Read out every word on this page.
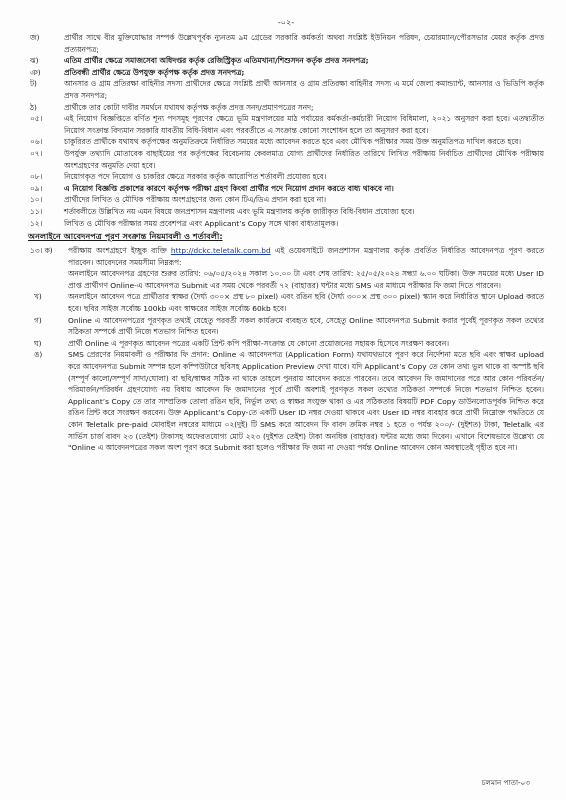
-০২-
জ)	প্রার্থীর সাথে বীর মুক্তিযোদ্ধার সম্পর্ক উল্লেখপূর্বক ন্যুনতম ৯ম গ্রেডের সরকারি কর্মকর্তা অথবা সংশ্লিষ্ট ইউনিয়ন পরিষদ, চেয়ারম্যান/পৌরসভার মেয়র কর্তৃক প্রদত্ত প্রত্যয়নপত্র;
ঝ)	এতিম প্রার্থীর ক্ষেত্রে সমাজসেবা অধিদপ্তর কর্তৃক রেজিস্ট্রিকৃত এতিমখানা/শিশুসদন কর্তৃক প্রদত্ত সনদপত্র;
ঞ)	প্রতিবন্ধী প্রার্থীর ক্ষেত্রে উপযুক্ত কর্তৃপক্ষ কর্তৃক প্রদত্ত সনদপত্র;
ট)	আনসার ও গ্রাম প্রতিরক্ষা বাহিনীর সদস্য প্রার্থীদের ক্ষেত্রে সংশ্লিষ্ট প্রার্থী আনসার ও গ্রাম প্রতিরক্ষা বাহিনীর সদস্য এ মর্মে জেলা কমান্ড্যান্ট, আনসার ও ভিডিপি কর্তৃক প্রদত্ত সনদপত্র;
ঠ)	প্রার্থীকে তার কোটা দাবীর সমর্থনে যথাযথ কর্তৃপক্ষ কর্তৃক প্রদত্ত সনদ/প্রমাণপত্রের সনদ;
০৫।	এই নিয়োগ বিজ্ঞপ্তিতে বর্ণিত শূন্য পদসমূহ পূরণের ক্ষেত্রে ভূমি মন্ত্রণালয়ের মাঠ পর্যায়ের কর্মকর্তা-কর্মচারী নিয়োগ বিধিমালা, ২০২১ অনুসরণ করা হবে। এতদ্ব্যতীত নিয়োগ সংক্রান্ত বিদ্যমান সরকারি যাবতীয় বিধি-বিধান এবং পরবর্তীতে এ সংক্রান্ত কোনো সংশোধন হলে তা অনুসরণ করা হবে।
০৬।	চাকুরিরত প্রার্থীকে যথাযথ কর্তৃপক্ষের অনুমতিক্রমে নির্ধারিত সময়ের মধ্যে আবেদন করতে হবে এবং মৌখিক পরীক্ষার সময় উক্ত অনুমতিপত্র দাখিল করতে হবে।
০৭।	উপর্যুক্ত তথ্যাদি মোতাবেক বাছাইয়ের পর কর্তৃপক্ষের বিবেচনায় কেবলমাত্র যোগ্য প্রার্থীদের নির্ধারিত তারিখে লিখিত পরীক্ষায় নির্বাচিত প্রার্থীদের মৌখিক পরীক্ষায় অংশগ্রহণের অনুমতি দেয়া হবে।
০৮।	নিয়োগকৃত পদে নিয়োগ ও চাকরির ক্ষেত্রে সরকার কর্তৃক আরোপিত শর্তাবলী প্রযোজ্য হবে।
০৯।	এ নিয়োগ বিজ্ঞপ্তি প্রকাশের কারণে কর্তৃপক্ষ পরীক্ষা গ্রহণ কিংবা প্রার্থীর পদে নিয়োগ প্রদান করতে বাধ্য থাকবে না।
১০।	প্রার্থীদের লিখিত ও মৌখিক পরীক্ষায় অংশগ্রহণের জন্য কোন টিএ/ডিএ প্রদান করা হবে না।
১১।	শর্তাবলীতে উল্লিখিত নয় এমন বিষয়ে জনপ্রশাসন মন্ত্রণালয় এবং ভূমি মন্ত্রণালয় কর্তৃক জারীকৃত বিধি-বিধান প্রযোজ্য হবে।
১২।	লিখিত ও মৌখিক পরীক্ষার সময় প্রবেশপত্র এবং Applicant’s Copy সঙ্গে থাকা বাধ্যতামূলক।
অনলাইনে আবেদনপত্র পূরণ সংক্রান্ত নিয়মাবলী ও শর্তাবলী:
১৩। ক)	পরীক্ষায় অংশগ্রহণে ইচ্ছুক ব্যক্তি http://dckc.teletalk.com.bd এই ওয়েবসাইটে জনপ্রশাসন মন্ত্রণালয় কর্তৃক প্রবর্তিত নির্ধারিত আবেদনপত্র পূরণ করতে পারবেন। আবেদনের সময়সীমা নিম্নরূপ:
অনলাইনে আবেদনপত্র গ্রহণের শুরুর তারিখ: ০৬/০৫/২০২৪ সকাল ১০.০০ টা এবং শেষ তারিখ: ২৫/০৫/২০২৪ সন্ধ্যা ৬.০০ ঘটিকা। উক্ত সময়ের মধ্যে User ID প্রাপ্ত প্রার্থীগণ Online-এ আবেদনপত্র Submit এর সময় থেকে পরবর্তী ৭২ (বাহাত্তর) ঘন্টার মধ্যে SMS এর মাধ্যমে পরীক্ষার ফি জমা দিতে পারবেন।
খ)	অনলাইনে আবেদন পত্রে প্রার্থীতার স্বাক্ষর (দৈর্ঘ্য ৩০০× প্রস্থ ৮০ pixel) এবং রঙিন ছবি (দৈর্ঘ্য ৩০০× প্রস্থ ৩০০ pixel) স্ক্যান করে নির্ধারিত স্থানে Upload করতে হবে। ছবির সাইজ সর্বোচ্চ 100kb এবং স্বাক্ষরের সাইজ সর্বোচ্চ 60kb হবে।
গ)	Online এ আবেদনপত্রের পূরণকৃত তথ্যই যেহেতু পরবর্তী সকল কার্যক্রমে ব্যবহৃত হবে, সেহেতু Online আবেদনপত্র Submit করার পূর্বেই পূরণকৃত সকল তথ্যের সঠিকতা সম্পর্কে প্রার্থী নিজে শতভাগ নিশ্চিত হবেন।
ঘ)	প্রার্থী Online এ পূরণকৃত আবেদন পত্রের একটি প্রিন্ট কপি পরীক্ষা-সংক্রান্ত যে কোনো প্রয়োজনের সহায়ক হিসেবে সংরক্ষণ করবেন।
ঙ)	SMS প্রেরণের নিয়মাবলী ও পরীক্ষার ফি প্রদান: Online এ আবেদনপত্র (Application Form) যথাযথভাবে পূরণ করে নির্দেশনা মতে ছবি এবং স্বাক্ষর upload করে আবেদনপত্র Submit সম্পন্ন হলে কম্পিউটারে ছবিসহ Application Preview দেখা যাবে। যদি Applicant’s Copy তে কোন তথ্য ভুল থাকে বা অস্পষ্ট ছবি (সম্পূর্ণ কালো/সম্পূর্ণ সাদা/ঘোলা) বা ছবি/স্বাক্ষর সঠিক না থাকে তাহলে পুনরায় আবেদন করতে পারবেন। তবে আবেদন ফি জমাদানের পরে আর কোন পরিবর্তন/পরিমার্জন/পরিবর্ধন গ্রহণযোগ্য নয় বিধায় আবেদন ফি জমাদানের পূর্বে প্রার্থী অবশ্যই পূরণকৃত সকল তথ্যের সঠিকতা সম্পর্কে নিজে শতভাগ নিশ্চিত হবেন। Applicant’s Copy তে তার সাম্প্রতিক তোলা রঙিন ছবি, নির্ভুল তথ্য ও স্বাক্ষর সংযুক্ত থাকা ও এর সঠিকতার বিষয়টি PDF Copy ডাউনলোডপূর্বক নিশ্চিত করে রঙিন প্রিন্ট করে সংরক্ষণ করবেন। উক্ত Applicant’s Copy-তে একটি User ID নম্বর দেওয়া থাকবে এবং User ID নম্বর ব্যবহার করে প্রার্থী নিম্নোক্ত পদ্ধতিতে যে কোন Teletalk pre-paid মোবাইল নম্বরের মাধ্যমে ০২(দুই) টি SMS করে আবেদন ফি বাবদ ক্রমিক নম্বর ১ হতে ৩ পর্যন্ত ২০০/- (দুইশত) টাকা, Teletalk এর সার্ভিস চার্জ বাবদ ২৩ (তেইশ) টাকাসহ অফেরতযোগ্য মোট ২২৩ (দুইশত তেইশ) টাকা অনধিক (বাহাত্তর) ঘন্টার মধ্যে জমা দিবেন। এখানে বিশেষভাবে উল্লেখ্য যে "Online এ আবেদনপত্রের সকল অংশ পূরণ করে Submit করা হলেও পরীক্ষার ফি জমা না দেওয়া পর্যন্ত Online আবেদন কোন অবস্থাতেই গৃহীত হবে না।
চলমান পাতা-০৩
